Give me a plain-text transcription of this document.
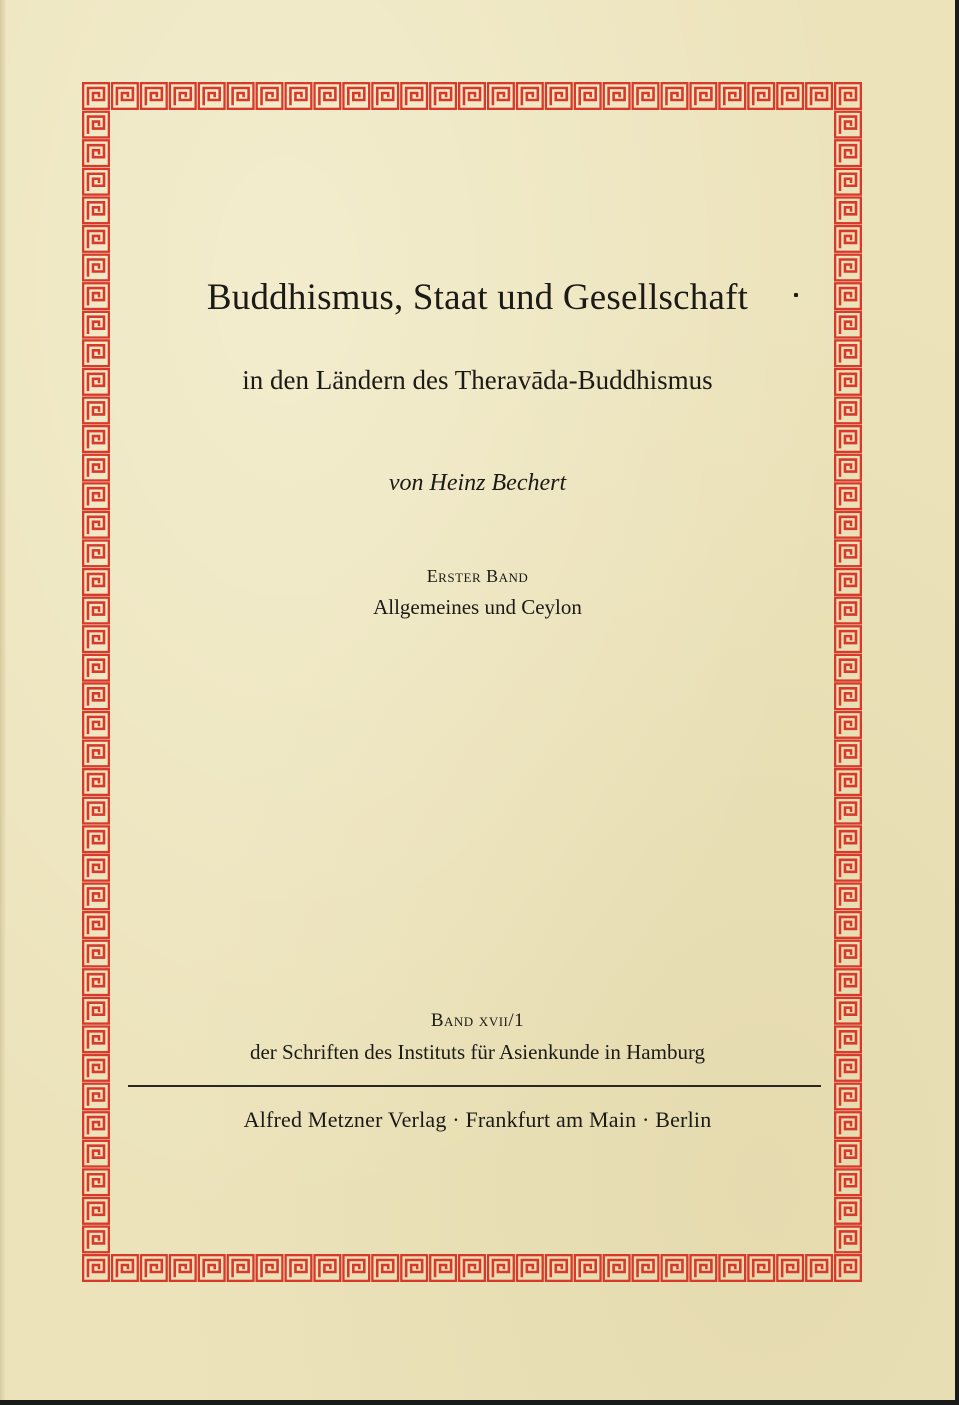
Buddhismus, Staat und Gesellschaft
in den Ländern des Theravāda-Buddhismus
von Heinz Bechert
Erster Band
Allgemeines und Ceylon
Band xvii/1
der Schriften des Instituts für Asienkunde in Hamburg
Alfred Metzner Verlag · Frankfurt am Main · Berlin
